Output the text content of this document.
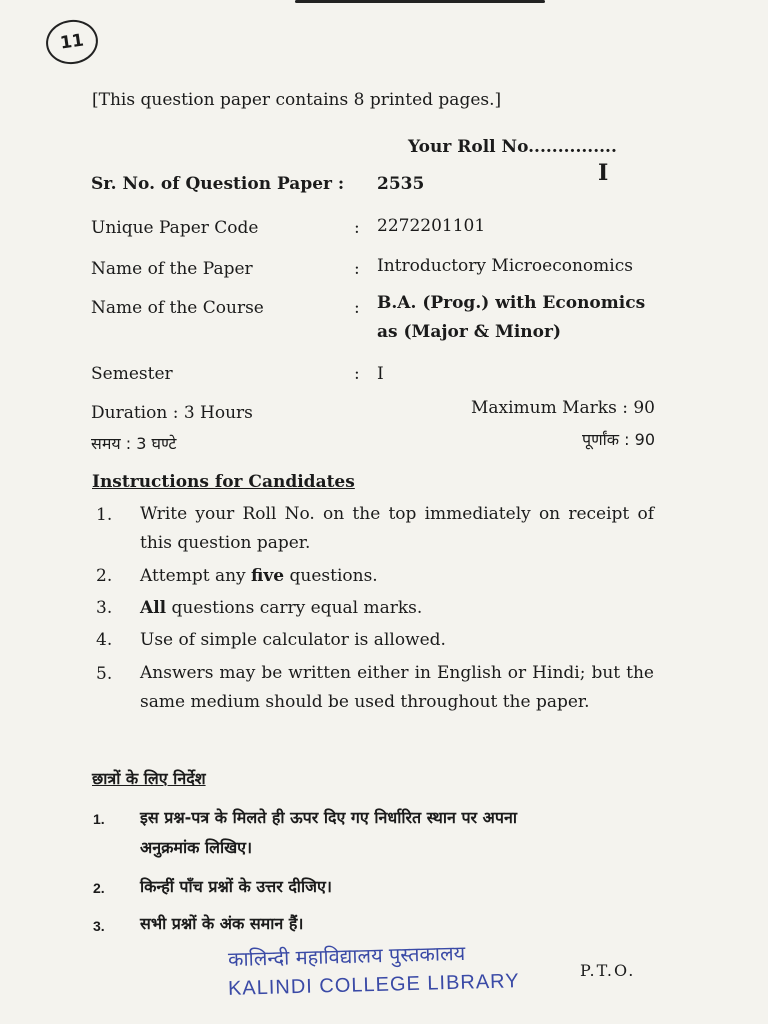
11
[This question paper contains 8 printed pages.]
Your Roll No...............
I
Sr. No. of Question Paper : 2535
Unique Paper Code	: 2272201101
Name of the Paper	: Introductory Microeconomics
Name of the Course	: B.A. (Prog.) with Economics
as (Major & Minor)
Semester	: I
Duration : 3 Hours
समय : 3 घण्टे
Maximum Marks : 90
पूर्णांक : 90
Instructions for Candidates
1. Write your Roll No. on the top immediately on receipt of this question paper.
2. Attempt any five questions.
3. All questions carry equal marks.
4. Use of simple calculator is allowed.
5. Answers may be written either in English or Hindi; but the same medium should be used throughout the paper.
छात्रों के लिए निर्देश
1. इस प्रश्न-पत्र के मिलते ही ऊपर दिए गए निर्धारित स्थान पर अपना
अनुक्रमांक लिखिए।
2. किन्हीं पाँच प्रश्नों के उत्तर दीजिए।
3. सभी प्रश्नों के अंक समान हैं।
कालिन्दी महाविद्यालय पुस्तकालय
KALINDI COLLEGE LIBRARY	P.T.O.
